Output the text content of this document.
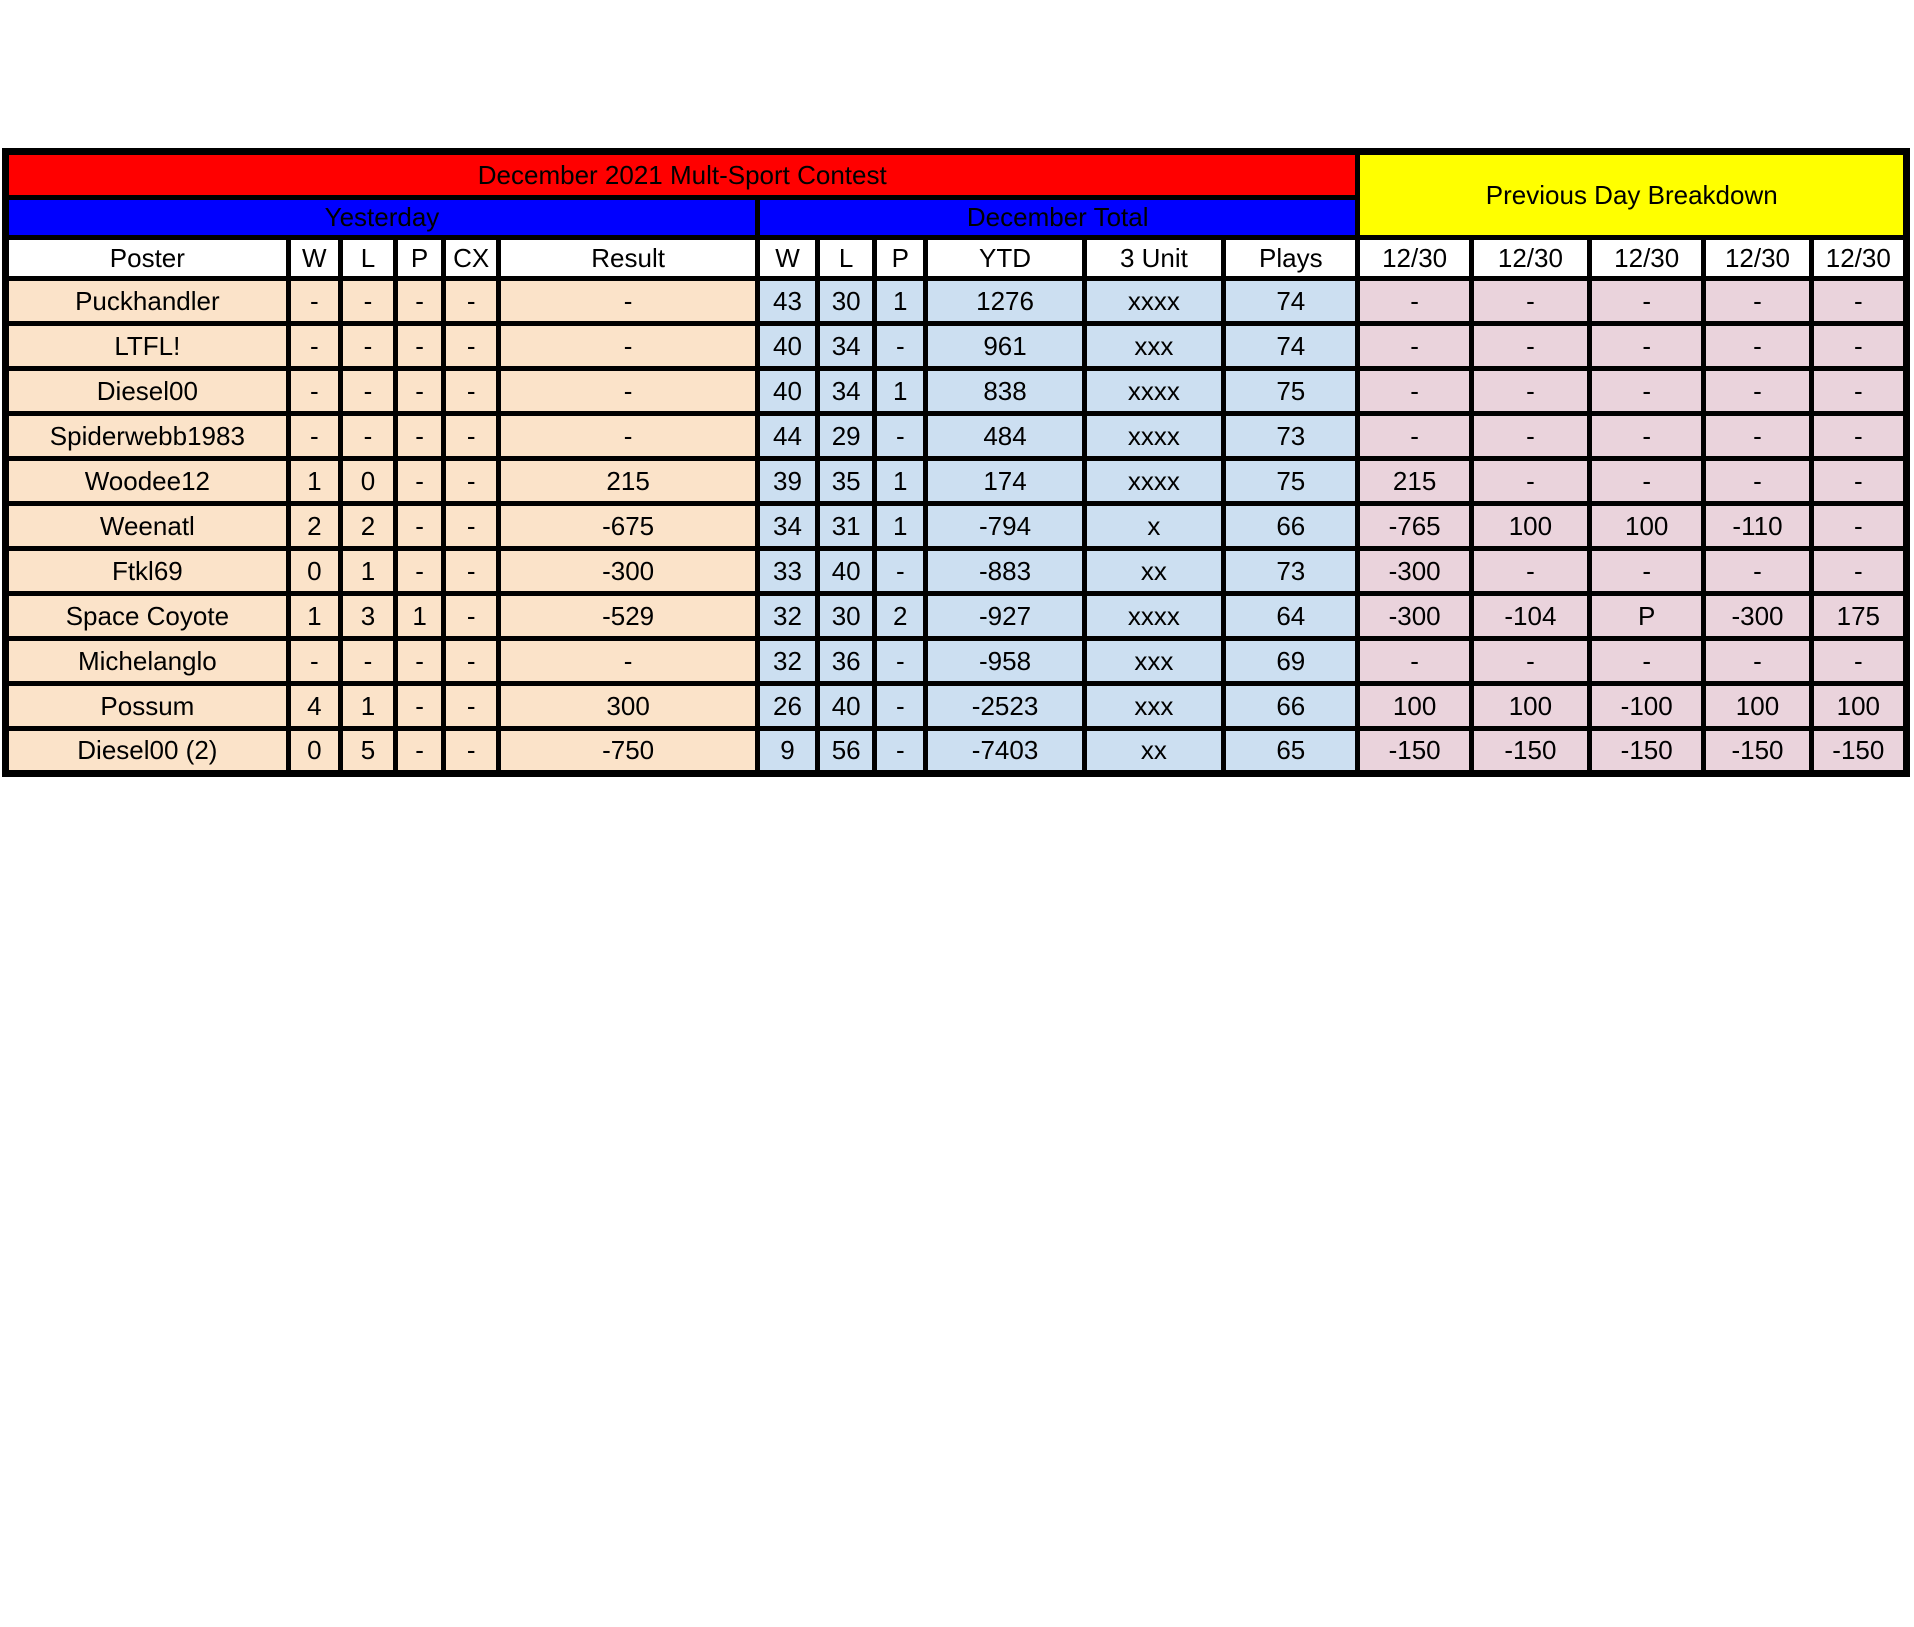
December 2021 Mult-Sport Contest												Previous Day Breakdown				
Yesterday						December Total										
Poster	W	L	P	CX	Result	W	L	P	YTD	3 Unit	Plays	12/30	12/30	12/30	12/30	12/30
Puckhandler	-	-	-	-	-	43	30	1	1276	xxxx	74	-	-	-	-	-
LTFL!	-	-	-	-	-	40	34	-	961	xxx	74	-	-	-	-	-
Diesel00	-	-	-	-	-	40	34	1	838	xxxx	75	-	-	-	-	-
Spiderwebb1983	-	-	-	-	-	44	29	-	484	xxxx	73	-	-	-	-	-
Woodee12	1	0	-	-	215	39	35	1	174	xxxx	75	215	-	-	-	-
Weenatl	2	2	-	-	-675	34	31	1	-794	x	66	-765	100	100	-110	-
Ftkl69	0	1	-	-	-300	33	40	-	-883	xx	73	-300	-	-	-	-
Space Coyote	1	3	1	-	-529	32	30	2	-927	xxxx	64	-300	-104	P	-300	175
Michelanglo	-	-	-	-	-	32	36	-	-958	xxx	69	-	-	-	-	-
Possum	4	1	-	-	300	26	40	-	-2523	xxx	66	100	100	-100	100	100
Diesel00 (2)	0	5	-	-	-750	9	56	-	-7403	xx	65	-150	-150	-150	-150	-150
